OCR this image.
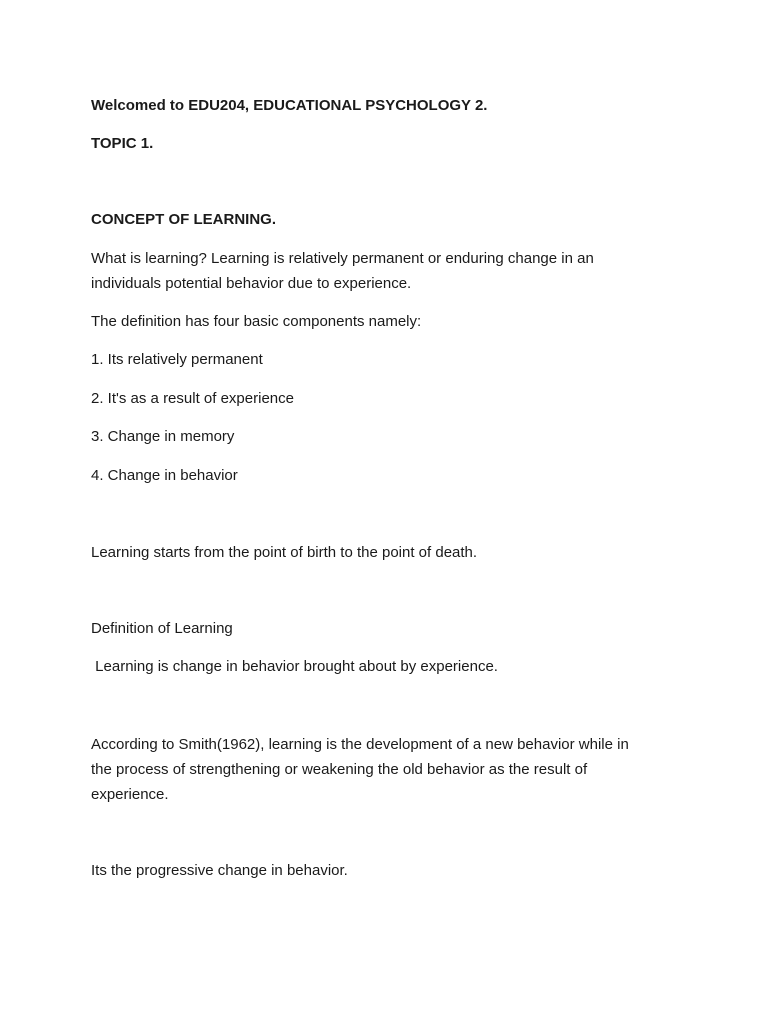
Welcomed to EDU204, EDUCATIONAL PSYCHOLOGY 2.

TOPIC 1.

CONCEPT OF LEARNING.

What is learning? Learning is relatively permanent or enduring change in an

individuals potential behavior due to experience.

The definition has four basic components namely:

1. Its relatively permanent

2. It's as a result of experience

3. Change in memory

4. Change in behavior

Learning starts from the point of birth to the point of death.

Definition of Learning

Learning is change in behavior brought about by experience.

According to Smith(1962), learning is the development of a new behavior while in

the process of strengthening or weakening the old behavior as the result of

experience.

Its the progressive change in behavior.
